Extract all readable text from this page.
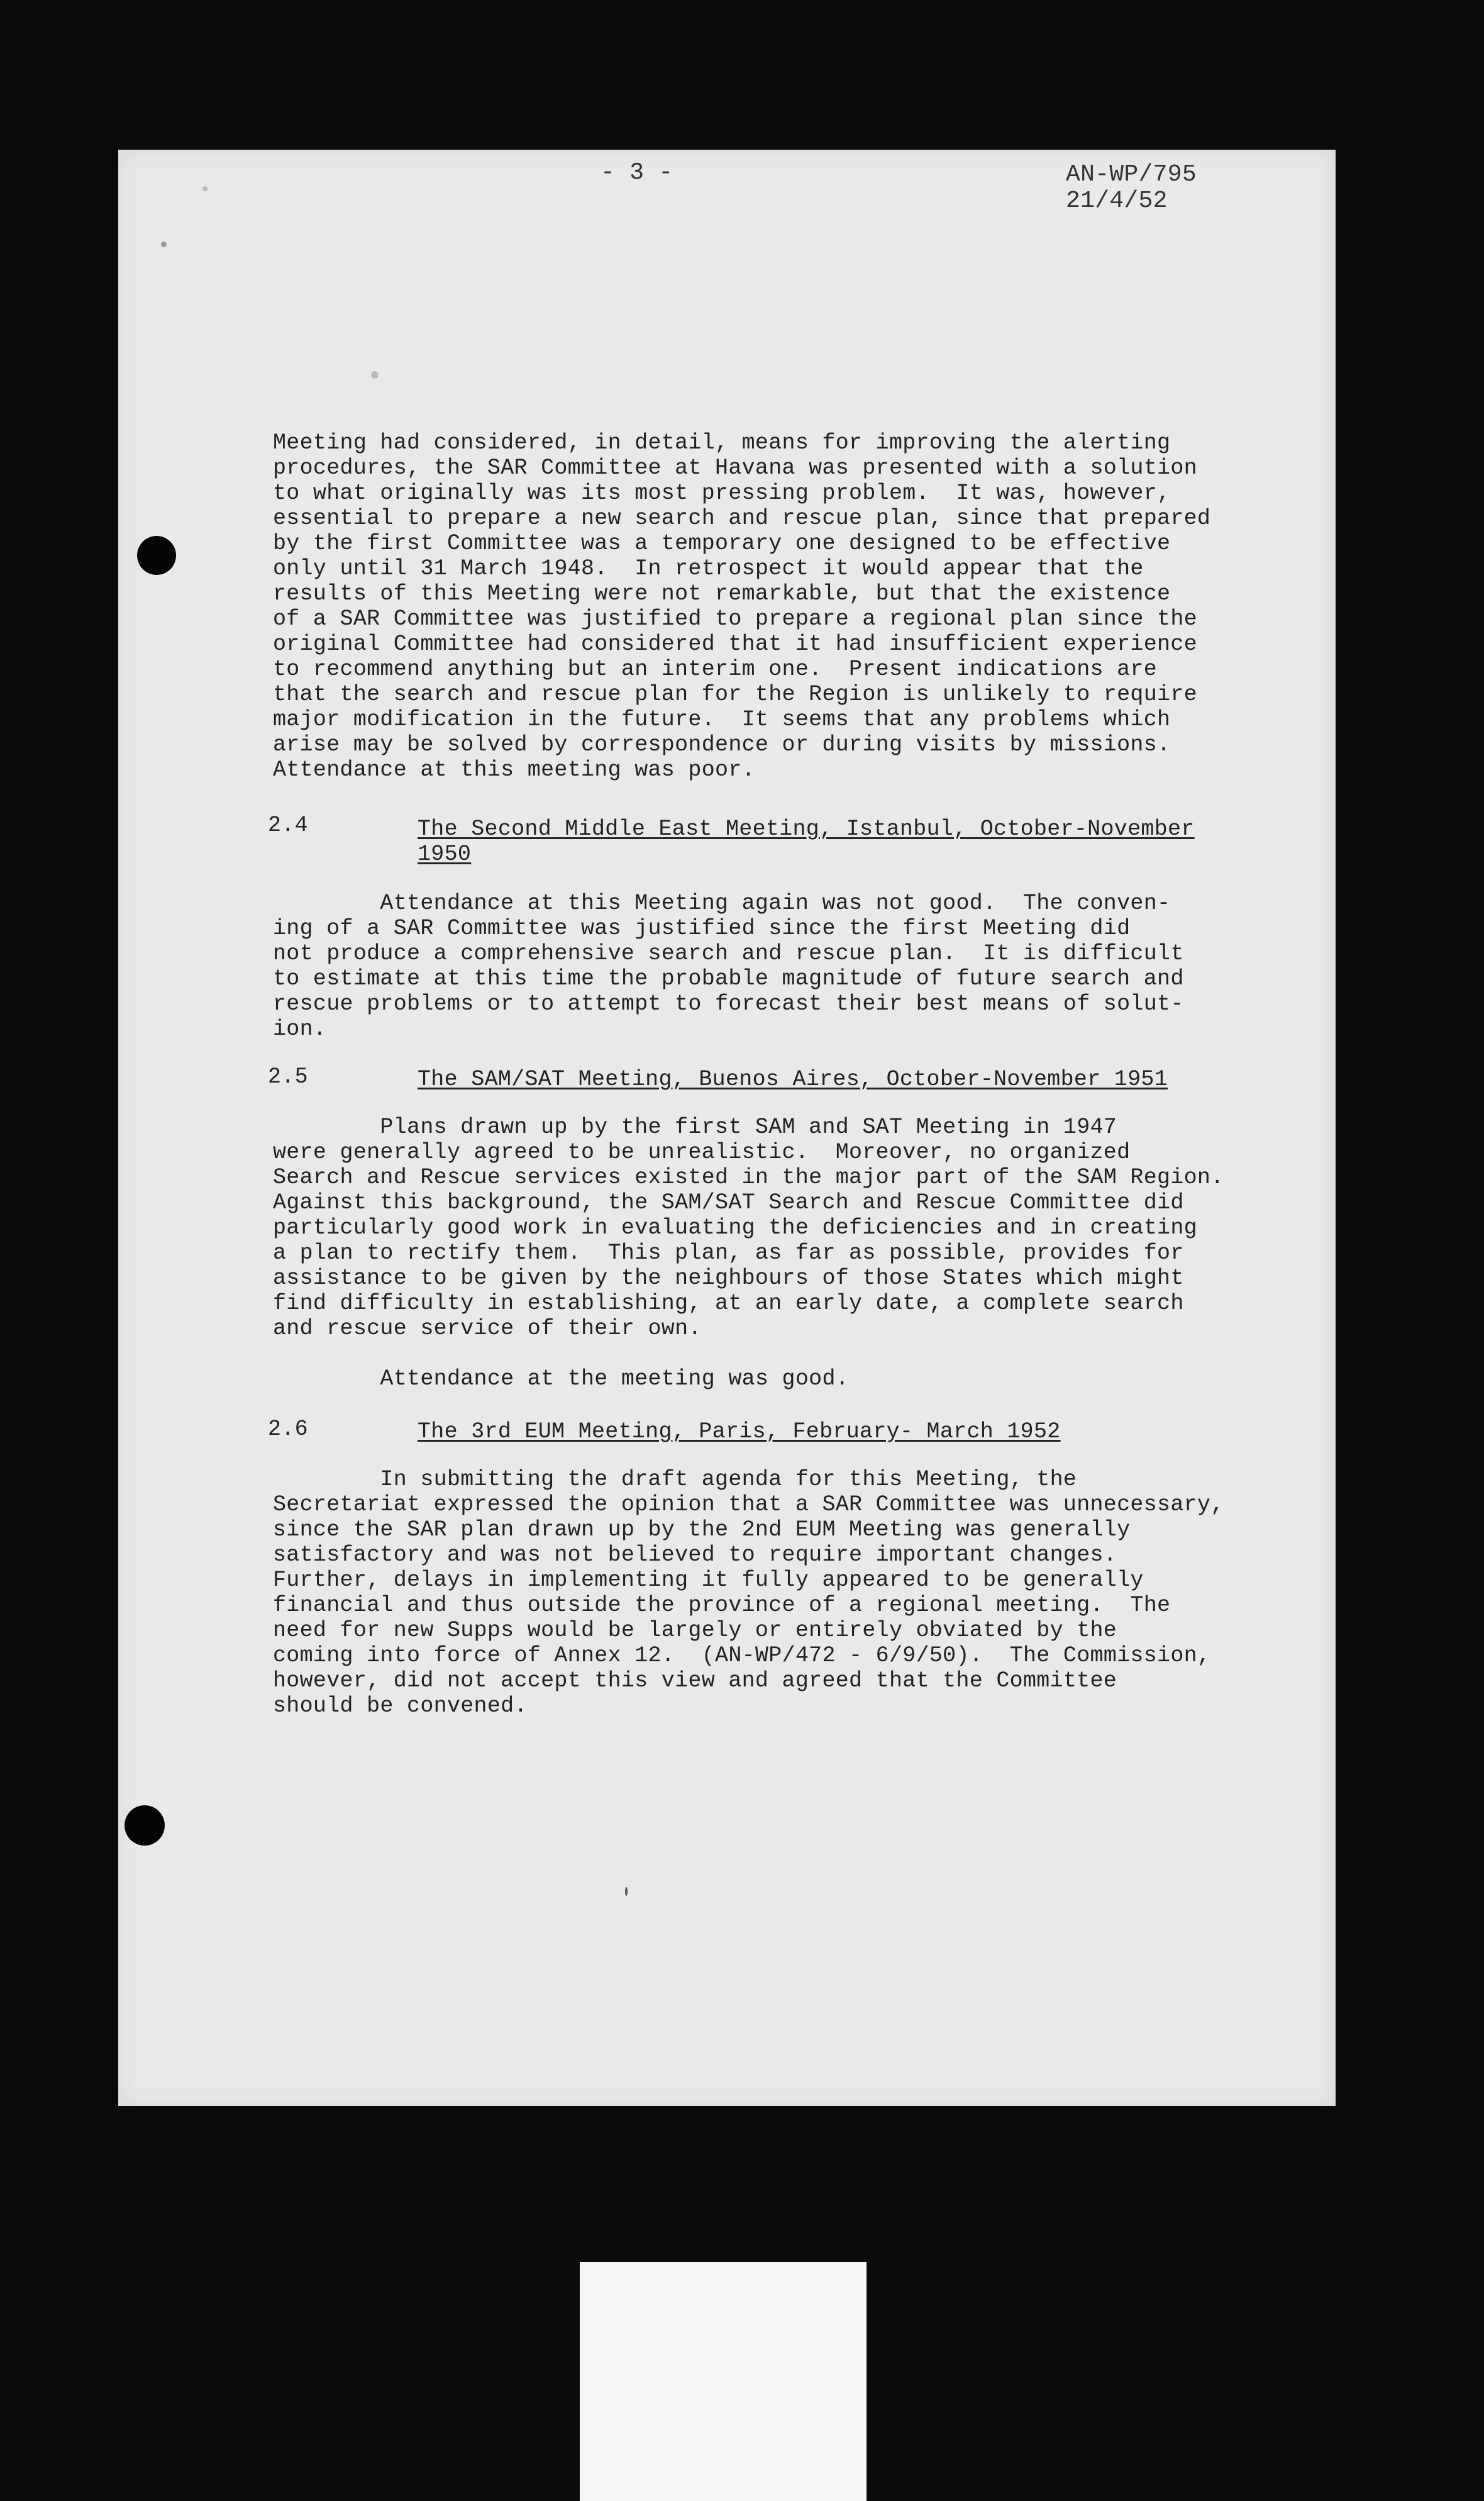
- 3 -	AN-WP/795
21/4/52
Meeting had considered, in detail, means for improving the alerting
procedures, the SAR Committee at Havana was presented with a solution
to what originally was its most pressing problem.  It was, however,
essential to prepare a new search and rescue plan, since that prepared
by the first Committee was a temporary one designed to be effective
only until 31 March 1948.  In retrospect it would appear that the
results of this Meeting were not remarkable, but that the existence
of a SAR Committee was justified to prepare a regional plan since the
original Committee had considered that it had insufficient experience
to recommend anything but an interim one.  Present indications are
that the search and rescue plan for the Region is unlikely to require
major modification in the future.  It seems that any problems which
arise may be solved by correspondence or during visits by missions.
Attendance at this meeting was poor.
2.4	The Second Middle East Meeting, Istanbul, October-November
1950
Attendance at this Meeting again was not good.  The conven-
ing of a SAR Committee was justified since the first Meeting did
not produce a comprehensive search and rescue plan.  It is difficult
to estimate at this time the probable magnitude of future search and
rescue problems or to attempt to forecast their best means of solut-
ion.
2.5	The SAM/SAT Meeting, Buenos Aires, October-November 1951
Plans drawn up by the first SAM and SAT Meeting in 1947
were generally agreed to be unrealistic.  Moreover, no organized
Search and Rescue services existed in the major part of the SAM Region.
Against this background, the SAM/SAT Search and Rescue Committee did
particularly good work in evaluating the deficiencies and in creating
a plan to rectify them.  This plan, as far as possible, provides for
assistance to be given by the neighbours of those States which might
find difficulty in establishing, at an early date, a complete search
and rescue service of their own.
Attendance at the meeting was good.
2.6	The 3rd EUM Meeting, Paris, February- March 1952
In submitting the draft agenda for this Meeting, the
Secretariat expressed the opinion that a SAR Committee was unnecessary,
since the SAR plan drawn up by the 2nd EUM Meeting was generally
satisfactory and was not believed to require important changes.
Further, delays in implementing it fully appeared to be generally
financial and thus outside the province of a regional meeting.  The
need for new Supps would be largely or entirely obviated by the
coming into force of Annex 12.  (AN-WP/472 - 6/9/50).  The Commission,
however, did not accept this view and agreed that the Committee
should be convened.
